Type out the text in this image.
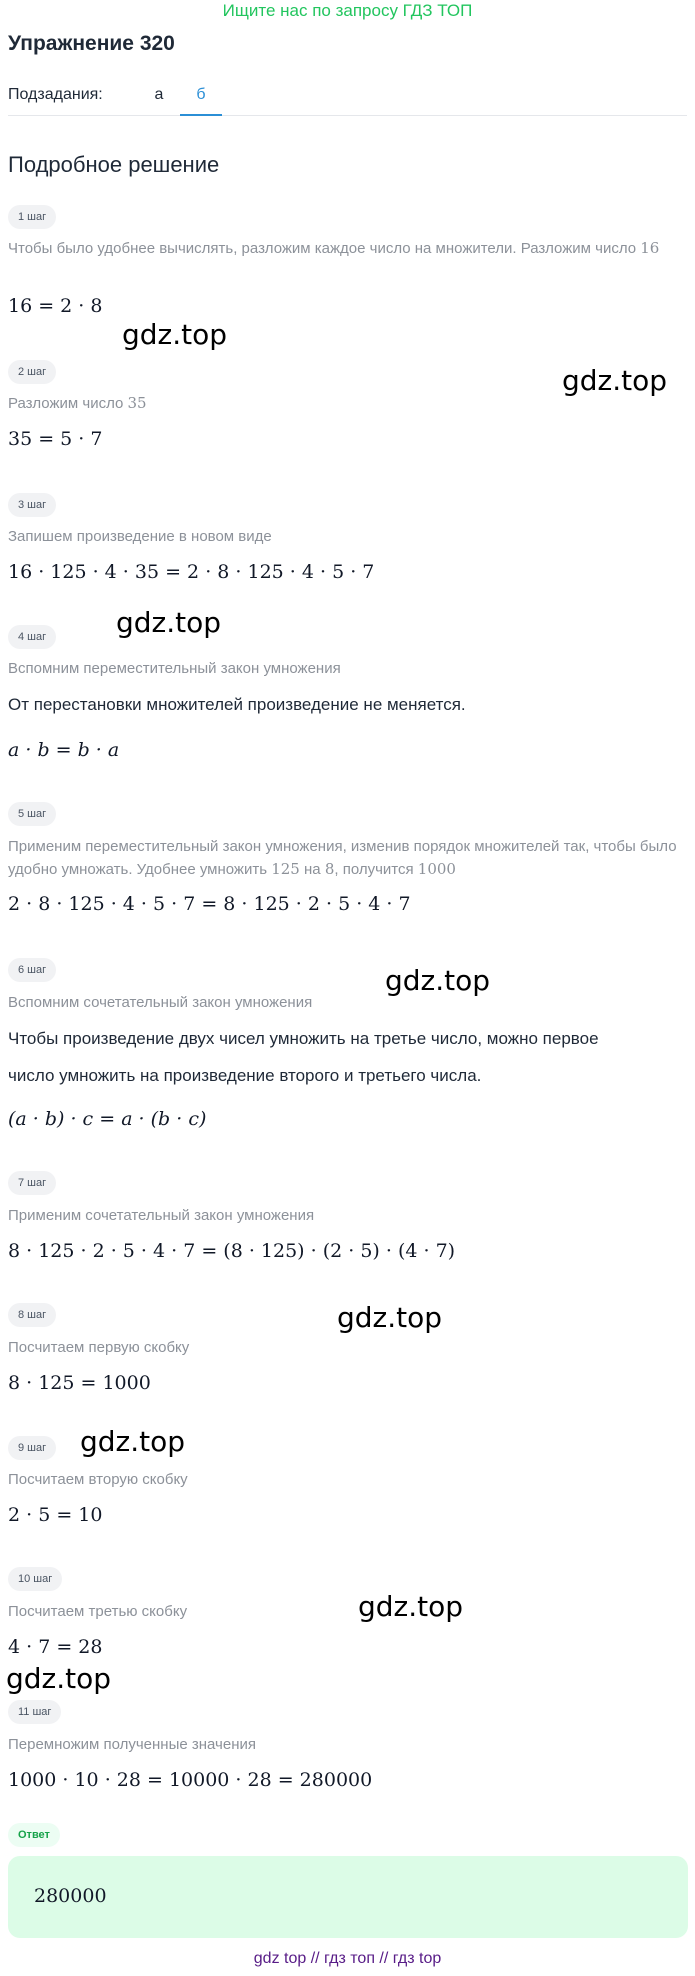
Ищите нас по запросу ГДЗ ТОП
Упражнение 320
Подзадания:	а	б
Подробное решение
1 шаг
Чтобы было удобнее вычислять, разложим каждое число на множители. Разложим число 16
16 = 2 · 8
2 шаг
Разложим число 35
35 = 5 · 7
3 шаг
Запишем произведение в новом виде
16 · 125 · 4 · 35 = 2 · 8 · 125 · 4 · 5 · 7
4 шаг
Вспомним переместительный закон умножения
От перестановки множителей произведение не меняется.
a · b = b · a
5 шаг
Применим переместительный закон умножения, изменив порядок множителей так, чтобы было удобно умножать. Удобнее умножить 125 на 8, получится 1000
2 · 8 · 125 · 4 · 5 · 7 = 8 · 125 · 2 · 5 · 4 · 7
6 шаг
Вспомним сочетательный закон умножения
Чтобы произведение двух чисел умножить на третье число, можно первое
число умножить на произведение второго и третьего числа.
(a · b) · c = a · (b · c)
7 шаг
Применим сочетательный закон умножения
8 · 125 · 2 · 5 · 4 · 7 = (8 · 125) · (2 · 5) · (4 · 7)
8 шаг
Посчитаем первую скобку
8 · 125 = 1000
9 шаг
Посчитаем вторую скобку
2 · 5 = 10
10 шаг
Посчитаем третью скобку
4 · 7 = 28
11 шаг
Перемножим полученные значения
1000 · 10 · 28 = 10000 · 28 = 280000
Ответ
280000
gdz.top
gdz.top
gdz.top
gdz.top
gdz.top
gdz.top
gdz.top
gdz.top
gdz top // гдз топ // гдз top
